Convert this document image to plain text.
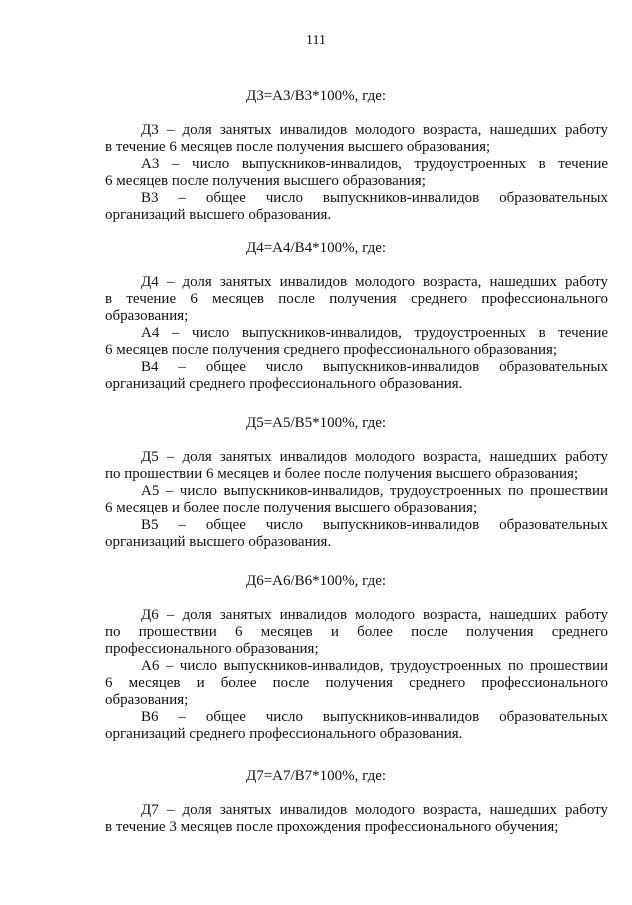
111
Д3=А3/В3*100%, где:
Д3 – доля занятых инвалидов молодого возраста, нашедших работу
в течение 6 месяцев после получения высшего образования;
А3 – число выпускников-инвалидов, трудоустроенных в течение
6 месяцев после получения высшего образования;
В3 – общее число выпускников-инвалидов образовательных
организаций высшего образования.
Д4=А4/В4*100%, где:
Д4 – доля занятых инвалидов молодого возраста, нашедших работу
в течение 6 месяцев после получения среднего профессионального
образования;
А4 – число выпускников-инвалидов, трудоустроенных в течение
6 месяцев после получения среднего профессионального образования;
В4 – общее число выпускников-инвалидов образовательных
организаций среднего профессионального образования.
Д5=А5/В5*100%, где:
Д5 – доля занятых инвалидов молодого возраста, нашедших работу
по прошествии 6 месяцев и более после получения высшего образования;
А5 – число выпускников-инвалидов, трудоустроенных по прошествии
6 месяцев и более после получения высшего образования;
В5 – общее число выпускников-инвалидов образовательных
организаций высшего образования.
Д6=А6/В6*100%, где:
Д6 – доля занятых инвалидов молодого возраста, нашедших работу
по прошествии 6 месяцев и более после получения среднего
профессионального образования;
А6 – число выпускников-инвалидов, трудоустроенных по прошествии
6 месяцев и более после получения среднего профессионального
образования;
В6 – общее число выпускников-инвалидов образовательных
организаций среднего профессионального образования.
Д7=А7/В7*100%, где:
Д7 – доля занятых инвалидов молодого возраста, нашедших работу
в течение 3 месяцев после прохождения профессионального обучения;
